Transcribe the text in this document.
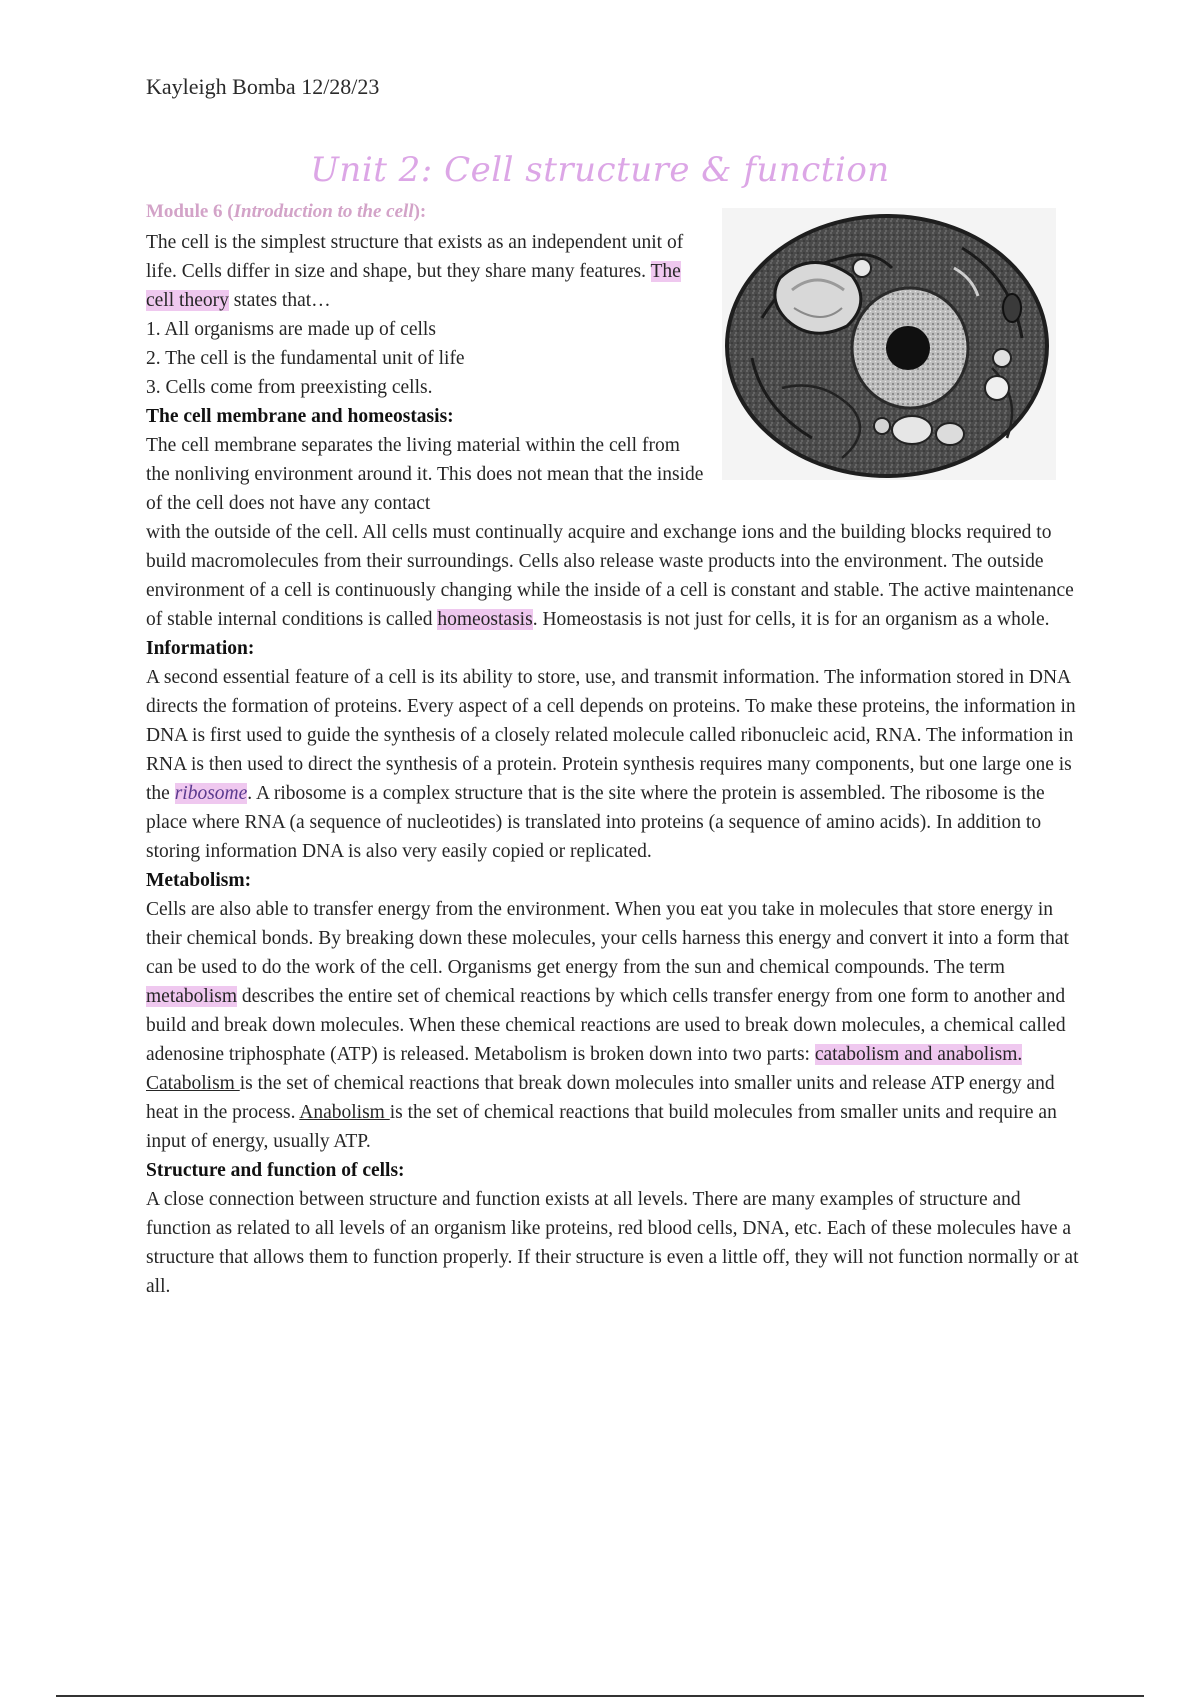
Kayleigh Bomba 12/28/23
Unit 2: Cell structure & function
Module 6 (Introduction to the cell):

The cell is the simplest structure that exists as an independent unit of life. Cells differ in size and shape, but they share many features. The cell theory states that…

1. All organisms are made up of cells

2. The cell is the fundamental unit of life

3. Cells come from preexisting cells.

The cell membrane and homeostasis:

The cell membrane separates the living material within the cell from the nonliving environment around it. This does not mean that the inside of the cell does not have any contact

with the outside of the cell. All cells must continually acquire and exchange ions and the building blocks required to build macromolecules from their surroundings. Cells also release waste products into the environment. The outside environment of a cell is continuously changing while the inside of a cell is constant and stable. The active maintenance of stable internal conditions is called homeostasis. Homeostasis is not just for cells, it is for an organism as a whole.

Information:

A second essential feature of a cell is its ability to store, use, and transmit information. The information stored in DNA directs the formation of proteins. Every aspect of a cell depends on proteins. To make these proteins, the information in DNA is first used to guide the synthesis of a closely related molecule called ribonucleic acid, RNA. The information in RNA is then used to direct the synthesis of a protein. Protein synthesis requires many components, but one large one is the ribosome. A ribosome is a complex structure that is the site where the protein is assembled. The ribosome is the place where RNA (a sequence of nucleotides) is translated into proteins (a sequence of amino acids). In addition to storing information DNA is also very easily copied or replicated.

Metabolism:

Cells are also able to transfer energy from the environment. When you eat you take in molecules that store energy in their chemical bonds. By breaking down these molecules, your cells harness this energy and convert it into a form that can be used to do the work of the cell. Organisms get energy from the sun and chemical compounds. The term metabolism describes the entire set of chemical reactions by which cells transfer energy from one form to another and build and break down molecules. When these chemical reactions are used to break down molecules, a chemical called adenosine triphosphate (ATP) is released. Metabolism is broken down into two parts: catabolism and anabolism. Catabolism is the set of chemical reactions that break down molecules into smaller units and release ATP energy and heat in the process. Anabolism is the set of chemical reactions that build molecules from smaller units and require an input of energy, usually ATP.

Structure and function of cells:

A close connection between structure and function exists at all levels. There are many examples of structure and function as related to all levels of an organism like proteins, red blood cells, DNA, etc. Each of these molecules have a structure that allows them to function properly. If their structure is even a little off, they will not function normally or at all.
